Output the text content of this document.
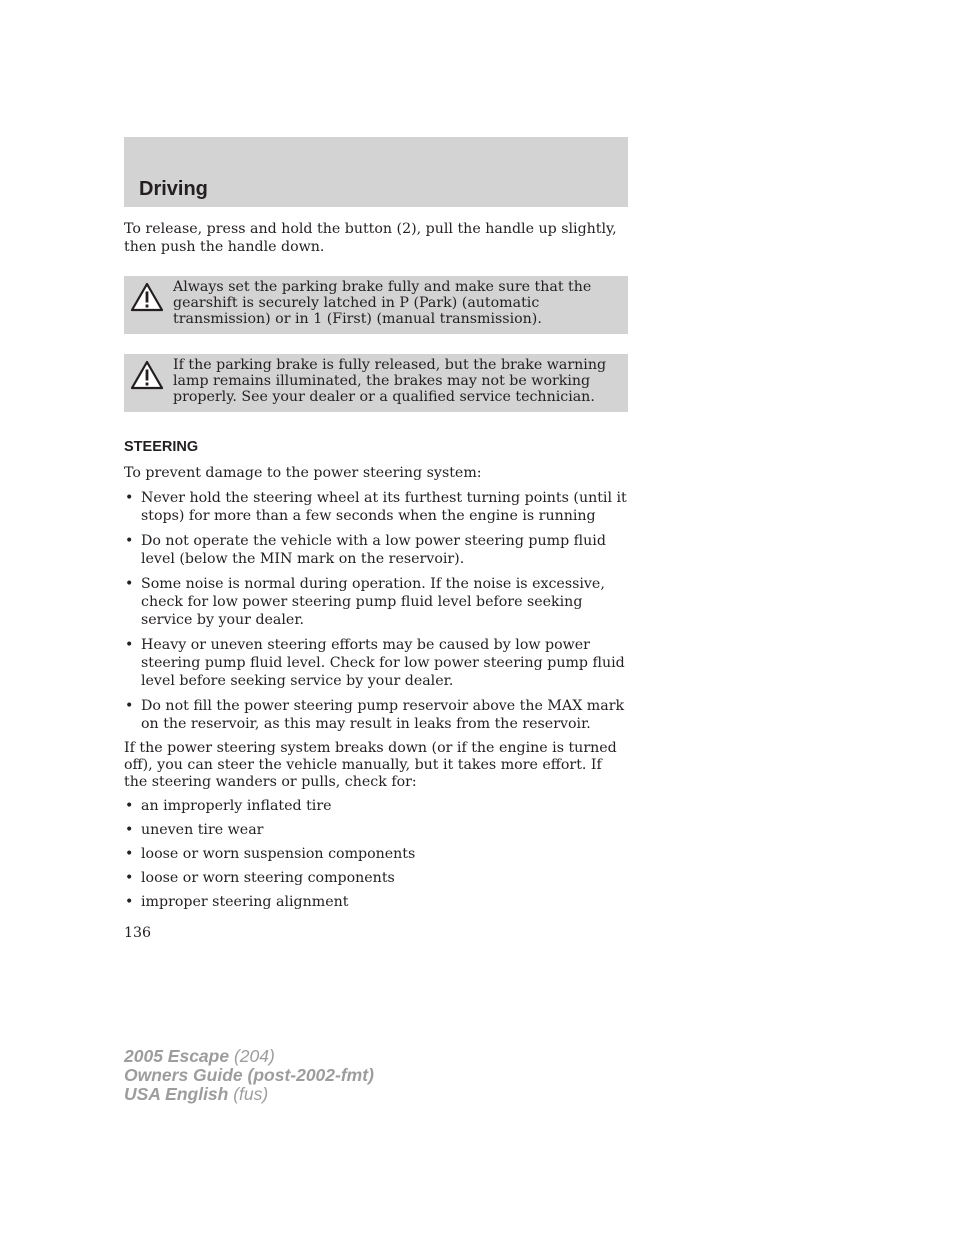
Driving

To release, press and hold the button (2), pull the handle up slightly, then push the handle down.

Always set the parking brake fully and make sure that the gearshift is securely latched in P (Park) (automatic transmission) or in 1 (First) (manual transmission).
If the parking brake is fully released, but the brake warning lamp remains illuminated, the brakes may not be working properly. See your dealer or a qualified service technician.
STEERING

To prevent damage to the power steering system:

• Never hold the steering wheel at its furthest turning points (until it stops) for more than a few seconds when the engine is running
• Do not operate the vehicle with a low power steering pump fluid level (below the MIN mark on the reservoir).
• Some noise is normal during operation. If the noise is excessive, check for low power steering pump fluid level before seeking service by your dealer.
• Heavy or uneven steering efforts may be caused by low power steering pump fluid level. Check for low power steering pump fluid level before seeking service by your dealer.
• Do not fill the power steering pump reservoir above the MAX mark on the reservoir, as this may result in leaks from the reservoir.

If the power steering system breaks down (or if the engine is turned off), you can steer the vehicle manually, but it takes more effort. If the steering wanders or pulls, check for:

• an improperly inflated tire
• uneven tire wear
• loose or worn suspension components
• loose or worn steering components
• improper steering alignment
136
2005 Escape (204)
Owners Guide (post-2002-fmt)
USA English (fus)
